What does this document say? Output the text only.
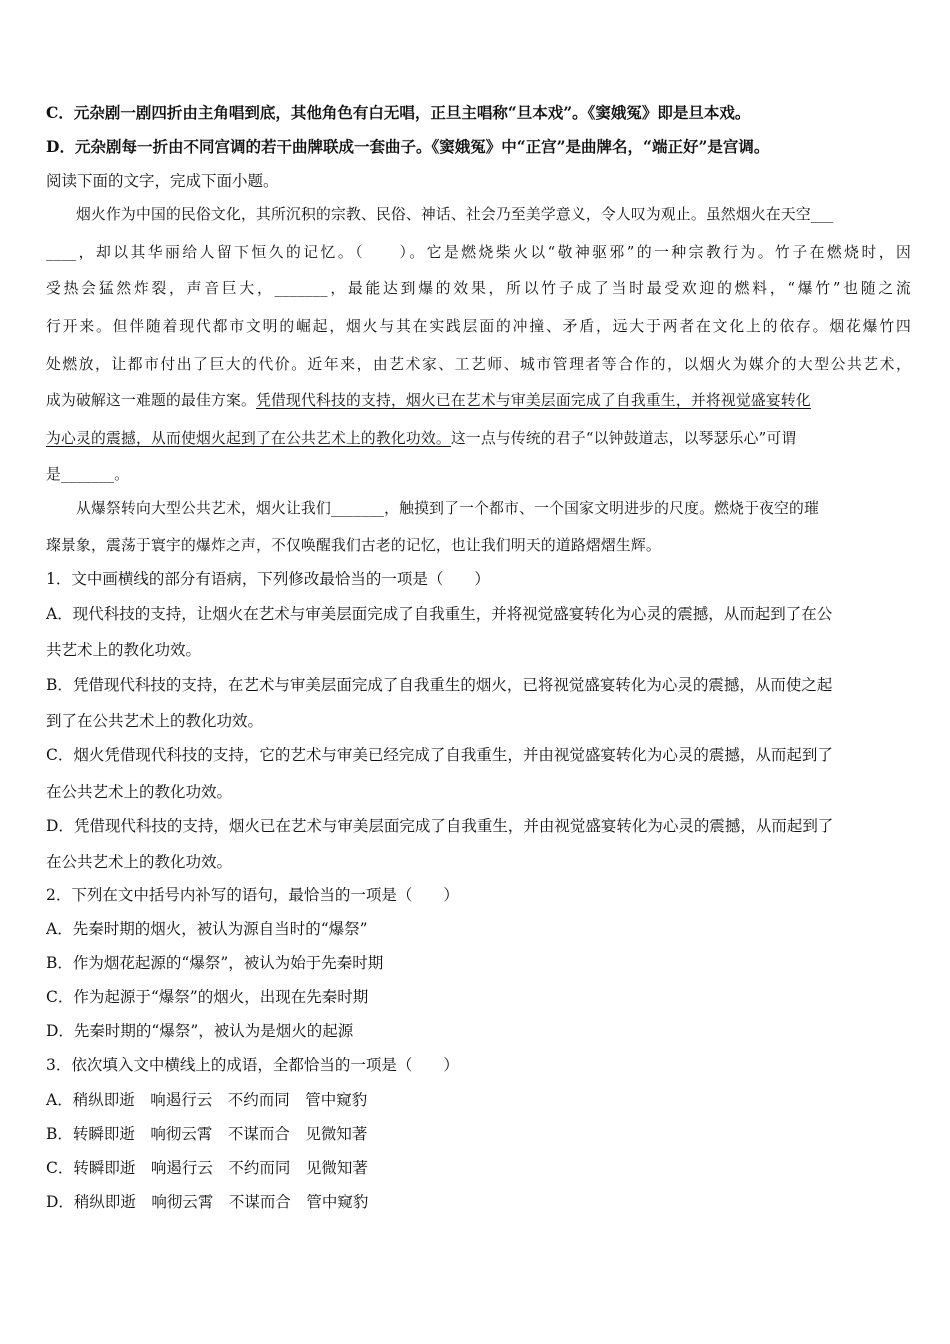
C．元杂剧一剧四折由主角唱到底，其他角色有白无唱，正旦主唱称“旦本戏”。《窦娥冤》即是旦本戏。
D．元杂剧每一折由不同宫调的若干曲牌联成一套曲子。《窦娥冤》中“正宫”是曲牌名，“端正好”是宫调。
阅读下面的文字，完成下面小题。
烟火作为中国的民俗文化，其所沉积的宗教、民俗、神话、社会乃至美学意义，令人叹为观止。虽然烟火在天空___
____，却以其华丽给人留下恒久的记忆。（　　）。它是燃烧柴火以“敬神驱邪”的一种宗教行为。竹子在燃烧时，因
受热会猛然炸裂，声音巨大，_______，最能达到爆的效果，所以竹子成了当时最受欢迎的燃料，“爆竹”也随之流
行开来。但伴随着现代都市文明的崛起，烟火与其在实践层面的冲撞、矛盾，远大于两者在文化上的依存。烟花爆竹四
处燃放，让都市付出了巨大的代价。近年来，由艺术家、工艺师、城市管理者等合作的，以烟火为媒介的大型公共艺术，
成为破解这一难题的最佳方案。凭借现代科技的支持，烟火已在艺术与审美层面完成了自我重生，并将视觉盛宴转化
为心灵的震撼，从而使烟火起到了在公共艺术上的教化功效。这一点与传统的君子“以钟鼓道志，以琴瑟乐心”可谓
是_______。
从爆祭转向大型公共艺术，烟火让我们_______，触摸到了一个都市、一个国家文明进步的尺度。燃烧于夜空的璀
璨景象，震荡于寰宇的爆炸之声，不仅唤醒我们古老的记忆，也让我们明天的道路熠熠生辉。
1．文中画横线的部分有语病，下列修改最恰当的一项是（　　）
A．现代科技的支持，让烟火在艺术与审美层面完成了自我重生，并将视觉盛宴转化为心灵的震撼，从而起到了在公
共艺术上的教化功效。
B．凭借现代科技的支持，在艺术与审美层面完成了自我重生的烟火，已将视觉盛宴转化为心灵的震撼，从而使之起
到了在公共艺术上的教化功效。
C．烟火凭借现代科技的支持，它的艺术与审美已经完成了自我重生，并由视觉盛宴转化为心灵的震撼，从而起到了
在公共艺术上的教化功效。
D．凭借现代科技的支持，烟火已在艺术与审美层面完成了自我重生，并由视觉盛宴转化为心灵的震撼，从而起到了
在公共艺术上的教化功效。
2．下列在文中括号内补写的语句，最恰当的一项是（　　）
A．先秦时期的烟火，被认为源自当时的“爆祭”
B．作为烟花起源的“爆祭”，被认为始于先秦时期
C．作为起源于“爆祭”的烟火，出现在先秦时期
D．先秦时期的“爆祭”，被认为是烟火的起源
3．依次填入文中横线上的成语，全都恰当的一项是（　　）
A．稍纵即逝　响遏行云　不约而同　管中窥豹
B．转瞬即逝　响彻云霄　不谋而合　见微知著
C．转瞬即逝　响遏行云　不约而同　见微知著
D．稍纵即逝　响彻云霄　不谋而合　管中窥豹
